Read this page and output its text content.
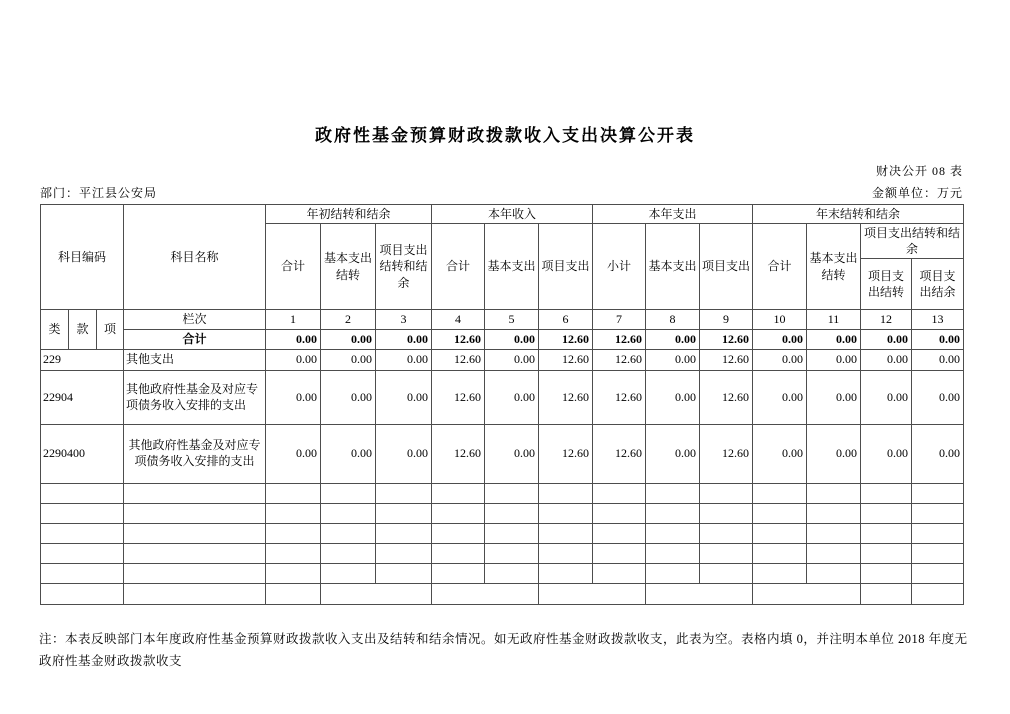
政府性基金预算财政拨款收入支出决算公开表
财决公开 08 表
部门：平江县公安局	金额单位：万元
科目编码			科目名称	年初结转和结余			本年收入			本年支出			年末结转和结余			
				合计	基本支出结转	项目支出结转和结余	合计	基本支出	项目支出	小计	基本支出	项目支出	合计	基本支出结转	项目支出结转和结余	
															项目支出结转	项目支出结余
类	款	项	栏次	1	2	3	4	5	6	7	8	9	10	11	12	13
			合计	0.00	0.00	0.00	12.60	0.00	12.60	12.60	0.00	12.60	0.00	0.00	0.00	0.00
229			其他支出	0.00	0.00	0.00	12.60	0.00	12.60	12.60	0.00	12.60	0.00	0.00	0.00	0.00
22904			其他政府性基金及对应专项债务收入安排的支出	0.00	0.00	0.00	12.60	0.00	12.60	12.60	0.00	12.60	0.00	0.00	0.00	0.00
2290400			其他政府性基金及对应专项债务收入安排的支出	0.00	0.00	0.00	12.60	0.00	12.60	12.60	0.00	12.60	0.00	0.00	0.00	0.00

注：本表反映部门本年度政府性基金预算财政拨款收入支出及结转和结余情况。如无政府性基金财政拨款收支，此表为空。表格内填 0，并注明本单位 2018 年度无政府性基金财政拨款收支
